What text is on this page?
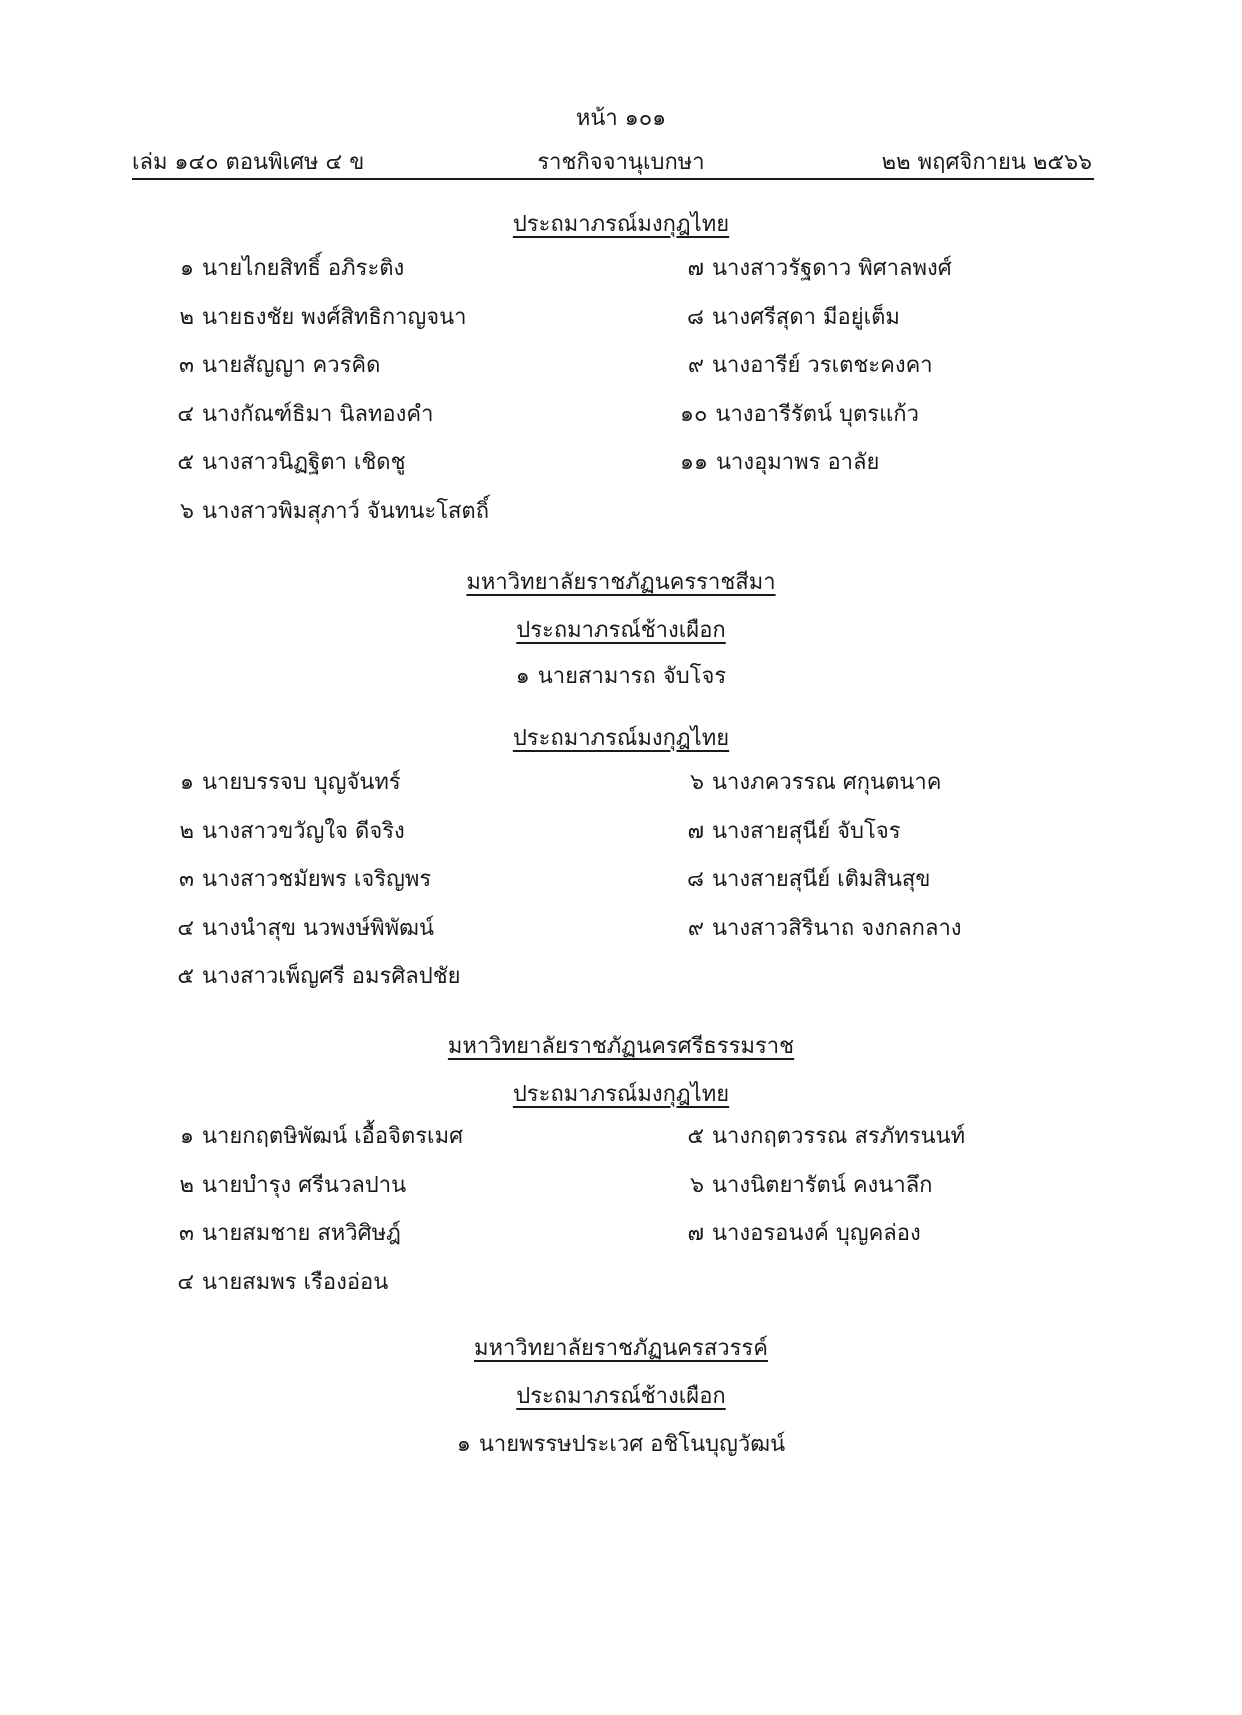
หน้า ๑๐๑
เล่ม ๑๔๐ ตอนพิเศษ ๔ ข	ราชกิจจานุเบกษา	๒๒ พฤศจิกายน ๒๕๖๖
ประถมาภรณ์มงกุฎไทย
๑ นายไกยสิทธิ์ อภิระติง
๒ นายธงชัย พงศ์สิทธิกาญจนา
๓ นายสัญญา ควรคิด
๔ นางกัณฑ์ธิมา นิลทองคำ
๕ นางสาวนิฏฐิตา เชิดชู
๖ นางสาวพิมสุภาว์ จันทนะโสตถิ์
๗ นางสาวรัฐดาว พิศาลพงศ์
๘ นางศรีสุดา มีอยู่เต็ม
๙ นางอารีย์ วรเตชะคงคา
๑๐ นางอารีรัตน์ บุตรแก้ว
๑๑ นางอุมาพร อาลัย
มหาวิทยาลัยราชภัฏนครราชสีมา
ประถมาภรณ์ช้างเผือก
๑ นายสามารถ จับโจร
ประถมาภรณ์มงกุฎไทย
๑ นายบรรจบ บุญจันทร์
๒ นางสาวขวัญใจ ดีจริง
๓ นางสาวชมัยพร เจริญพร
๔ นางนำสุข นวพงษ์พิพัฒน์
๕ นางสาวเพ็ญศรี อมรศิลปชัย
๖ นางภควรรณ ศกุนตนาค
๗ นางสายสุนีย์ จับโจร
๘ นางสายสุนีย์ เติมสินสุข
๙ นางสาวสิรินาถ จงกลกลาง
มหาวิทยาลัยราชภัฏนครศรีธรรมราช
ประถมาภรณ์มงกุฎไทย
๑ นายกฤตษิพัฒน์ เอื้อจิตรเมศ
๒ นายบำรุง ศรีนวลปาน
๓ นายสมชาย สหวิศิษฎ์
๔ นายสมพร เรืองอ่อน
๕ นางกฤตวรรณ สรภัทรนนท์
๖ นางนิตยารัตน์ คงนาลึก
๗ นางอรอนงค์ บุญคล่อง
มหาวิทยาลัยราชภัฏนครสวรรค์
ประถมาภรณ์ช้างเผือก
๑ นายพรรษประเวศ อชิโนบุญวัฒน์
